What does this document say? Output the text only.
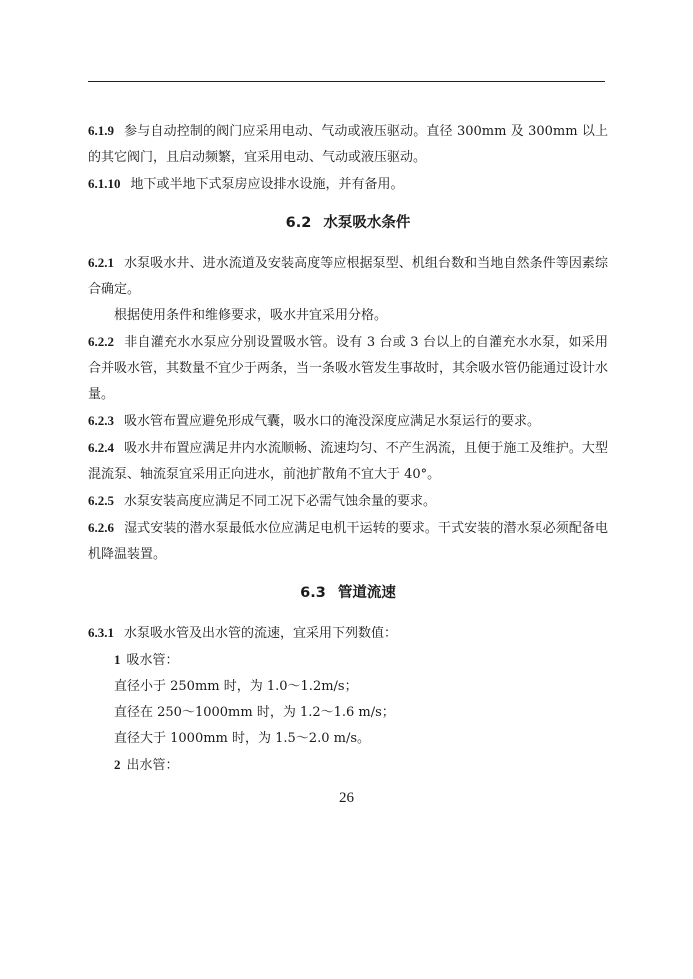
6.1.9 参与自动控制的阀门应采用电动、气动或液压驱动。直径 300mm 及 300mm 以上的其它阀门，且启动频繁，宜采用电动、气动或液压驱动。

6.1.10 地下或半地下式泵房应设排水设施，并有备用。

6.2 水泵吸水条件

6.2.1 水泵吸水井、进水流道及安装高度等应根据泵型、机组台数和当地自然条件等因素综合确定。

根据使用条件和维修要求，吸水井宜采用分格。

6.2.2 非自灌充水水泵应分别设置吸水管。设有 3 台或 3 台以上的自灌充水水泵，如采用合并吸水管，其数量不宜少于两条，当一条吸水管发生事故时，其余吸水管仍能通过设计水量。

6.2.3 吸水管布置应避免形成气囊，吸水口的淹没深度应满足水泵运行的要求。

6.2.4 吸水井布置应满足井内水流顺畅、流速均匀、不产生涡流，且便于施工及维护。大型混流泵、轴流泵宜采用正向进水，前池扩散角不宜大于 40°。

6.2.5 水泵安装高度应满足不同工况下必需气蚀余量的要求。

6.2.6 湿式安装的潜水泵最低水位应满足电机干运转的要求。干式安装的潜水泵必须配备电机降温装置。

6.3 管道流速

6.3.1 水泵吸水管及出水管的流速，宜采用下列数值：

1 吸水管：

直径小于 250mm 时，为 1.0～1.2m/s；

直径在 250～1000mm 时，为 1.2～1.6 m/s；

直径大于 1000mm 时，为 1.5～2.0 m/s。

2 出水管：

26
